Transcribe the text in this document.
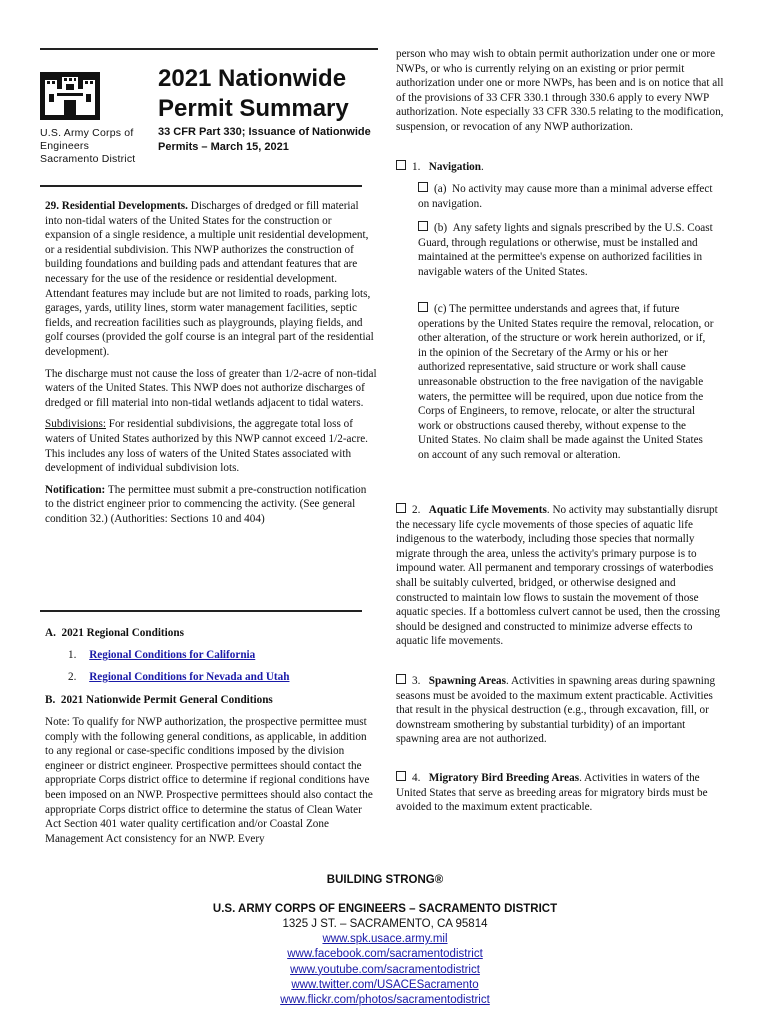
U.S. Army Corps of
Engineers
Sacramento District
2021 Nationwide
Permit Summary
33 CFR Part 330; Issuance of Nationwide
Permits – March 15, 2021

29. Residential Developments. Discharges of dredged or fill material into non-tidal waters of the United States for the construction or expansion of a single residence, a multiple unit residential development, or a residential subdivision. This NWP authorizes the construction of building foundations and building pads and attendant features that are necessary for the use of the residence or residential development. Attendant features may include but are not limited to roads, parking lots, garages, yards, utility lines, storm water management facilities, septic fields, and recreation facilities such as playgrounds, playing fields, and golf courses (provided the golf course is an integral part of the residential development).

The discharge must not cause the loss of greater than 1/2-acre of non-tidal waters of the United States. This NWP does not authorize discharges of dredged or fill material into non-tidal wetlands adjacent to tidal waters.

Subdivisions: For residential subdivisions, the aggregate total loss of waters of United States authorized by this NWP cannot exceed 1/2-acre. This includes any loss of waters of the United States associated with development of individual subdivision lots.

Notification: The permittee must submit a pre-construction notification to the district engineer prior to commencing the activity. (See general condition 32.) (Authorities: Sections 10 and 404)

A.  2021 Regional Conditions
1. Regional Conditions for California
2. Regional Conditions for Nevada and Utah
B.  2021 Nationwide Permit General Conditions

Note: To qualify for NWP authorization, the prospective permittee must comply with the following general conditions, as applicable, in addition to any regional or case-specific conditions imposed by the division engineer or district engineer. Prospective permittees should contact the appropriate Corps district office to determine if regional conditions have been imposed on an NWP. Prospective permittees should also contact the appropriate Corps district office to determine the status of Clean Water Act Section 401 water quality certification and/or Coastal Zone Management Act consistency for an NWP. Every

person who may wish to obtain permit authorization under one or more NWPs, or who is currently relying on an existing or prior permit authorization under one or more NWPs, has been and is on notice that all of the provisions of 33 CFR 330.1 through 330.6 apply to every NWP authorization. Note especially 33 CFR 330.5 relating to the modification, suspension, or revocation of any NWP authorization.

1. Navigation.

(a)  No activity may cause more than a minimal adverse effect on navigation.

(b)  Any safety lights and signals prescribed by the U.S. Coast Guard, through regulations or otherwise, must be installed and maintained at the permittee's expense on authorized facilities in navigable waters of the United States.

(c) The permittee understands and agrees that, if future operations by the United States require the removal, relocation, or other alteration, of the structure or work herein authorized, or if, in the opinion of the Secretary of the Army or his or her authorized representative, said structure or work shall cause unreasonable obstruction to the free navigation of the navigable waters, the permittee will be required, upon due notice from the Corps of Engineers, to remove, relocate, or alter the structural work or obstructions caused thereby, without expense to the United States. No claim shall be made against the United States on account of any such removal or alteration.

2. Aquatic Life Movements. No activity may substantially disrupt the necessary life cycle movements of those species of aquatic life indigenous to the waterbody, including those species that normally migrate through the area, unless the activity's primary purpose is to impound water. All permanent and temporary crossings of waterbodies shall be suitably culverted, bridged, or otherwise designed and constructed to maintain low flows to sustain the movement of those aquatic species. If a bottomless culvert cannot be used, then the crossing should be designed and constructed to minimize adverse effects to aquatic life movements.

3. Spawning Areas. Activities in spawning areas during spawning seasons must be avoided to the maximum extent practicable. Activities that result in the physical destruction (e.g., through excavation, fill, or downstream smothering by substantial turbidity) of an important spawning area are not authorized.

4. Migratory Bird Breeding Areas. Activities in waters of the United States that serve as breeding areas for migratory birds must be avoided to the maximum extent practicable.

BUILDING STRONG®
U.S. ARMY CORPS OF ENGINEERS – SACRAMENTO DISTRICT
1325 J ST. – SACRAMENTO, CA 95814
www.spk.usace.army.mil
www.facebook.com/sacramentodistrict
www.youtube.com/sacramentodistrict
www.twitter.com/USACESacramento
www.flickr.com/photos/sacramentodistrict
